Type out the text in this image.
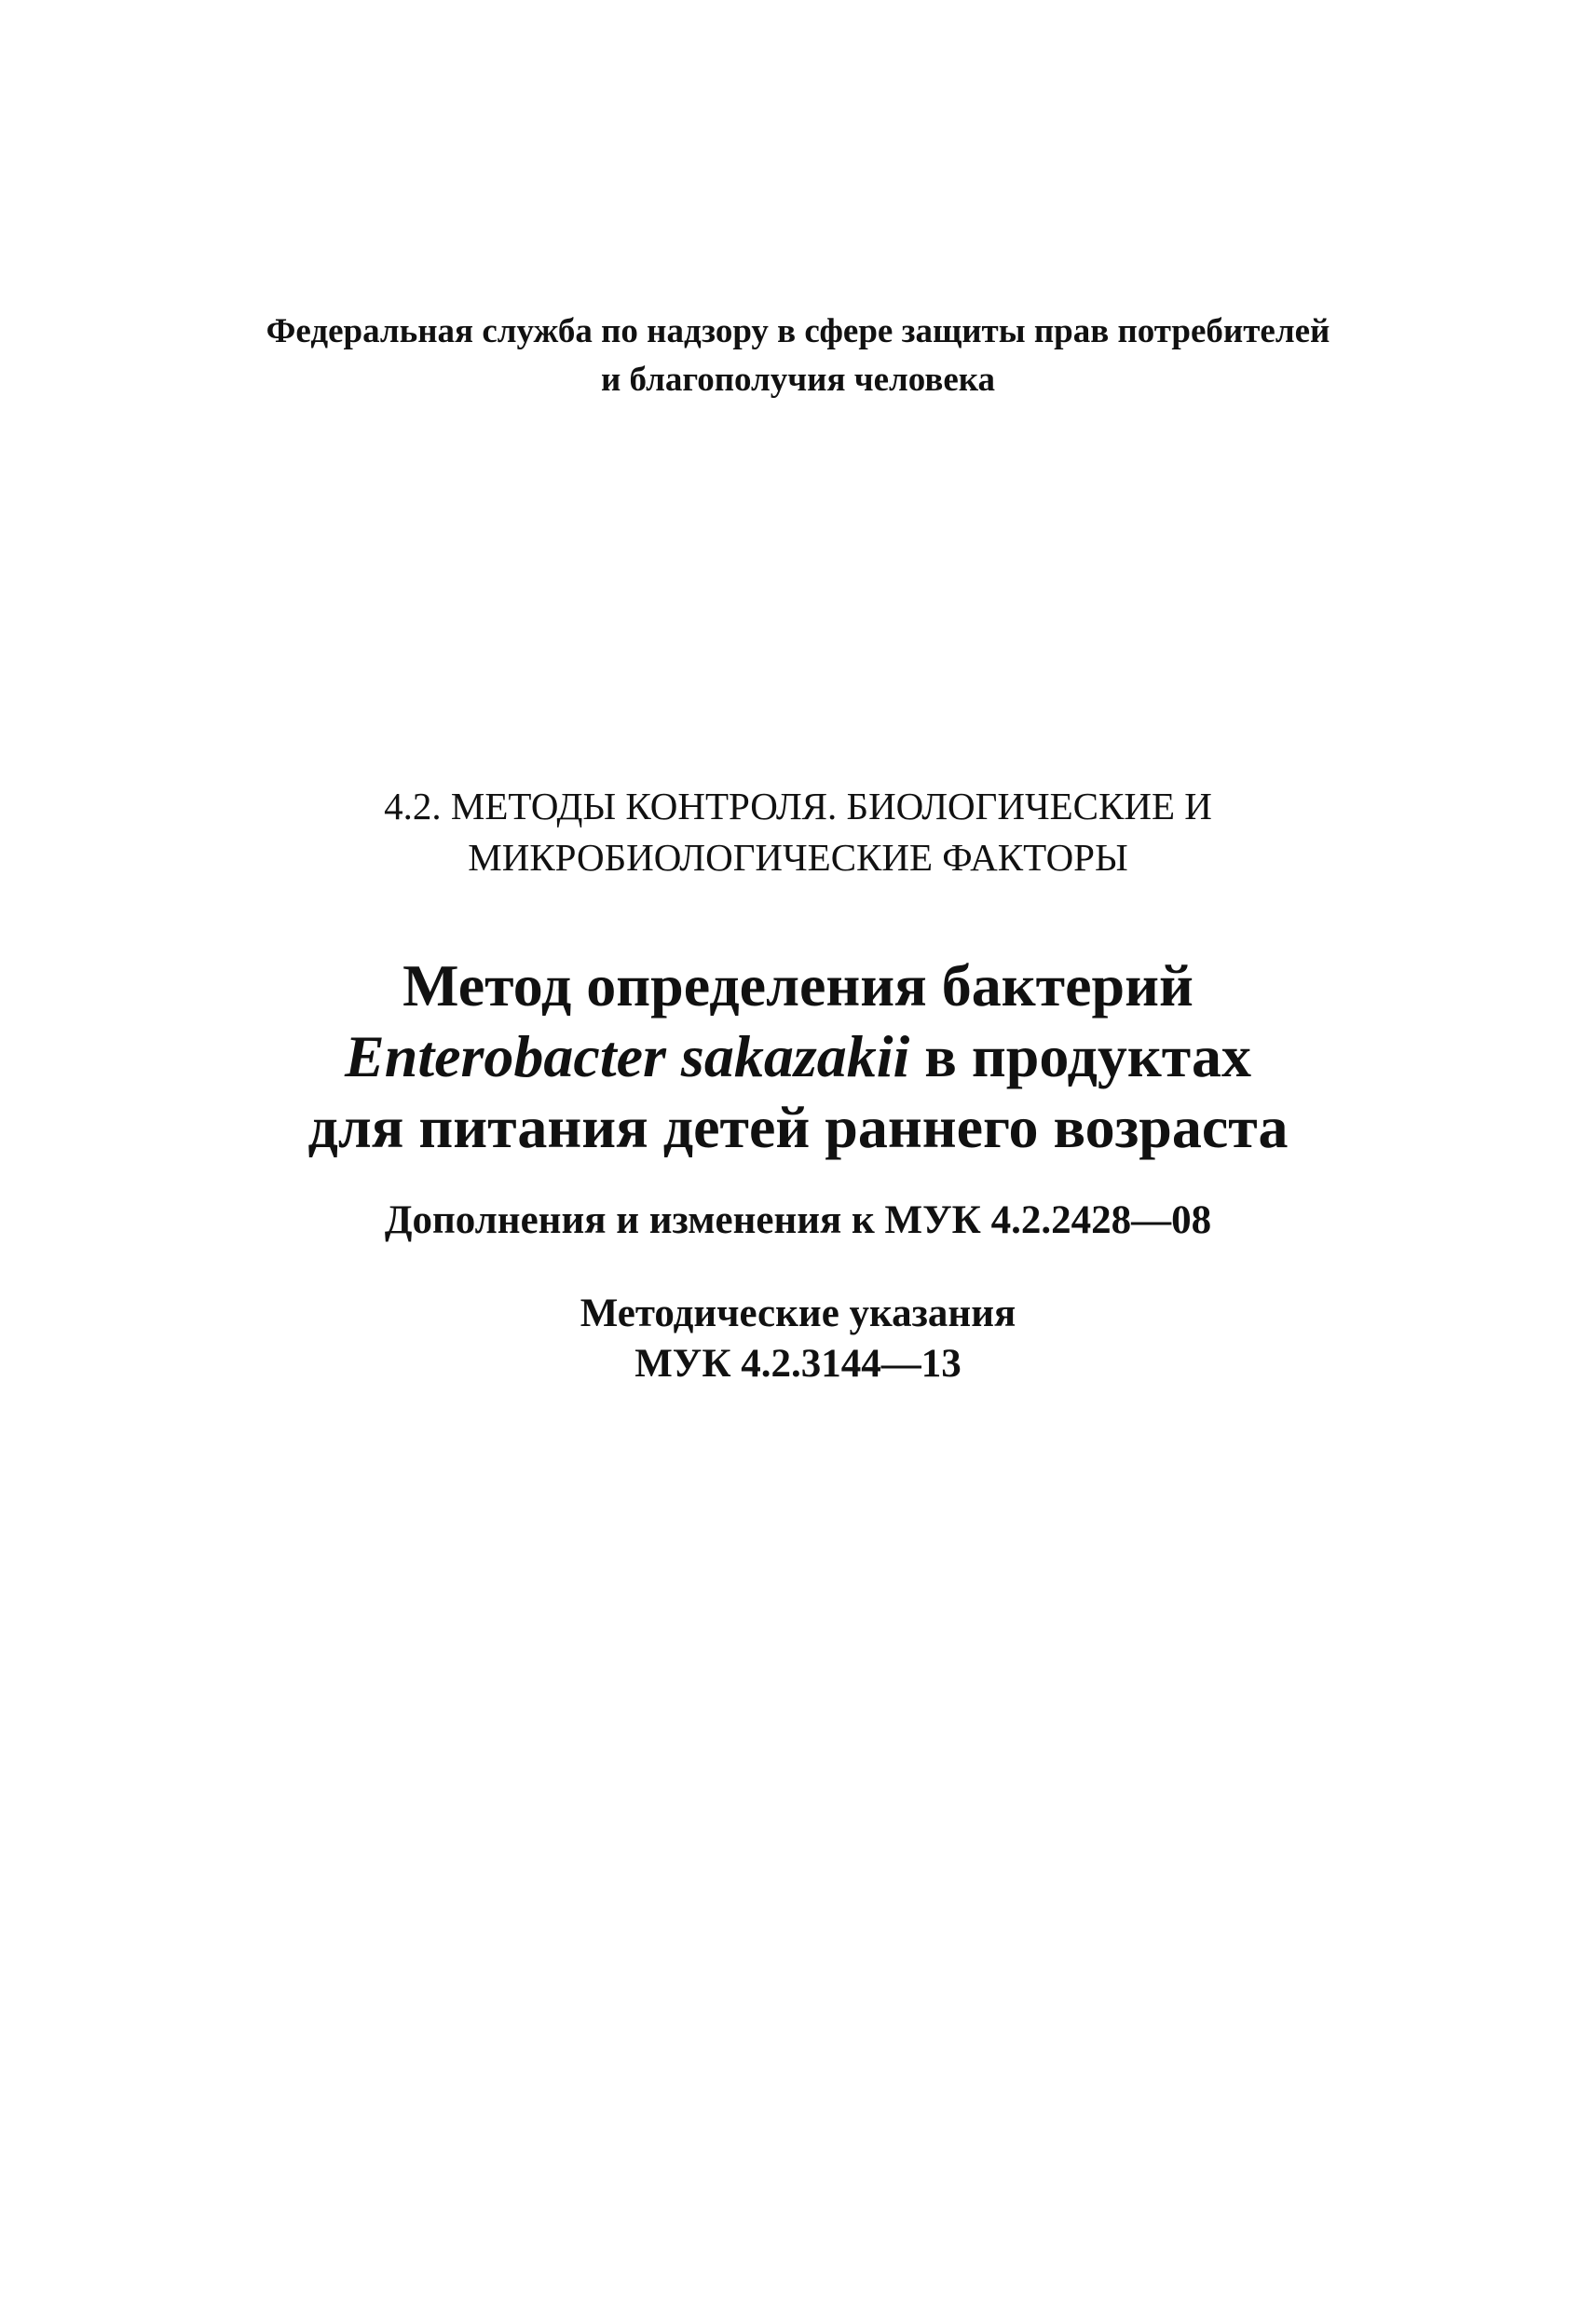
Федеральная служба по надзору в сфере защиты прав потребителей
и благополучия человека
4.2. МЕТОДЫ КОНТРОЛЯ. БИОЛОГИЧЕСКИЕ И
МИКРОБИОЛОГИЧЕСКИЕ ФАКТОРЫ
Метод определения бактерий
Enterobacter sakazakii в продуктах
для питания детей раннего возраста
Дополнения и изменения к МУК 4.2.2428—08
Методические указания
МУК 4.2.3144—13
